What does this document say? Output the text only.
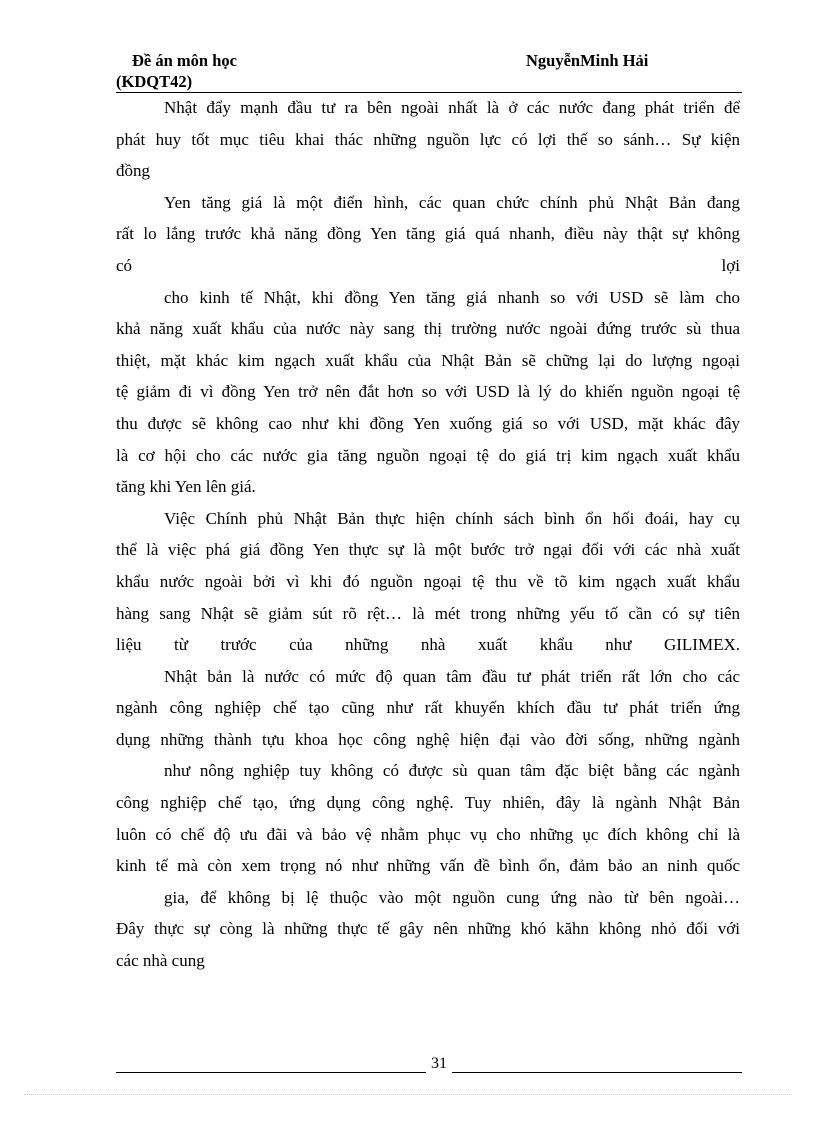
Đề án môn học
(KDQT42)
NguyễnMinh Hải
Nhật đẩy mạnh đầu tư ra bên ngoài nhất là ở các nước đang phát triển để
phát huy tốt mục tiêu khai thác những nguồn lực có lợi thế so sánh… Sự kiện
đồng
Yen tăng giá là một điển hình, các quan chức chính phủ Nhật Bản đang
rất lo lắng trước khả năng đồng Yen tăng giá quá nhanh, điều này thật sự không
có lợi
cho kinh tế Nhật, khi đồng Yen tăng giá nhanh so với USD sẽ làm cho
khả năng xuất khẩu của nước này sang thị trường nước ngoài đứng trước sù thua
thiệt, mặt khác kim ngạch xuất khẩu của Nhật Bản sẽ chững lại do lượng ngoại
tệ giảm đi vì đồng Yen trở nên đắt hơn so với USD là lý do khiến nguồn ngoại tệ
thu được sẽ không cao như khi đồng Yen xuống giá so với USD, mặt khác đây
là cơ hội cho các nước gia tăng nguồn ngoại tệ do giá trị kim ngạch xuất khẩu
tăng khi Yen lên giá.
Việc Chính phủ Nhật Bản thực hiện chính sách bình ổn hối đoái, hay cụ
thể là việc phá giá đồng Yen thực sự là một bước trở ngại đối với các nhà xuất
khẩu nước ngoài bởi vì khi đó nguồn ngoại tệ thu về tõ kim ngạch xuất khẩu
hàng sang Nhật sẽ giảm sút rõ rệt… là mét trong những yếu tố cần có sự tiên
liệu từ trước của những nhà xuất khẩu như GILIMEX.
Nhật bản là nước có mức độ quan tâm đầu tư phát triển rất lớn cho các
ngành công nghiệp chế tạo cũng như rất khuyến khích đầu tư phát triển ứng
dụng những thành tựu khoa học công nghệ hiện đại vào đời sống, những ngành
như nông nghiệp tuy không có được sù quan tâm đặc biệt bằng các ngành
công nghiệp chế tạo, ứng dụng công nghệ. Tuy nhiên, đây là ngành Nhật Bản
luôn có chế độ ưu đãi và bảo vệ nhằm phục vụ cho những ục đích không chỉ là
kinh tế mà còn xem trọng nó như những vấn đề bình ổn, đảm bảo an ninh quốc
gia, để không bị lệ thuộc vào một nguồn cung ứng nào từ bên ngoài…
Đây thực sự còng là những thực tế gây nên những khó kăhn không nhỏ đối với
các nhà cung
31
